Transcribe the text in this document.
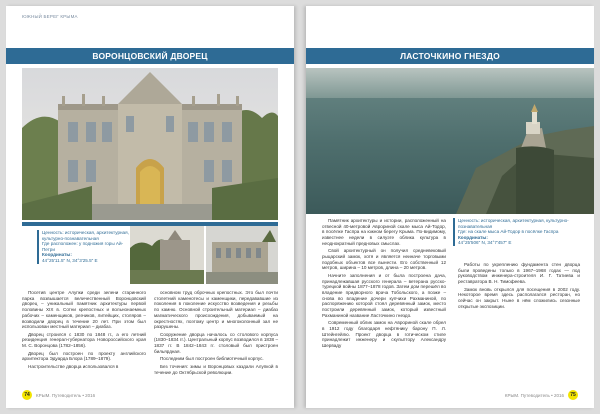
ЮЖНЫЙ БЕРЕГ КРЫМА
ВОРОНЦОВСКИЙ ДВОРЕЦ
Ценность: историческая, архитектурная, культурно-познавательная
Где расположен: у подножия горы Ай-Петри
Координаты:
44°25'11.5" N, 34°3'25.5" E

Посетив центре Алупки среди зелени старинного парка возвышается величественный Воронцовский дворец – уникальный памятник архитектуры первой половины XIX в. Сотни крепостных и вольнонаемных рабочих – каменщиков, резчиков, литейщих, столяров – возводили дворец в течение 20 лет. При этом был использован местный материал – диабаз.

Дворец строился с 1830 по 1848 гг., а его летний резиденция генерал-губернатора Новороссийского края М. С. Воронцова (1782–1856).

Дворец был построен по проекту английского архитектора Эдуарда Блора (1789–1879).

Настроительстве дворца использовался в

основном труд оброчных крепостных. Это был почти столетний каменотесы и каменщики, передававшие из поколения в поколение искусство возведения и резьбы по камню. Основной строительный материал – диабаз магматического происхождения, добываемый на окрестностях, поэтому центр и многоколонный зал не разрушены.

Сооружение дворца началось со столового корпуса (1830–1834 гг.). Центральный корпус возводился в 1838 – 1837 гг. В 1842–1843 гг. столовый был пристроен бильярдная.

Последним был построен библиотечный корпус.

Без точения: зимы и Воронцовых каздали Алупкой в течение до Октябрьской революции.

74	КРЫМ. Путеводитель • 2016
ЛАСТОЧКИНО ГНЕЗДО

Памятник архитектуры и истории, расположенный на отвесной 40-метровой Аврориной скале мыса Ай-Тодор, в посёлке Гаспра на южном берегу Крыма. По-видимому, известнее недели в силуэте облика культура в неоднократный предновых смыслах.

Свой архитектурный он получил средневековый рыцарский замок, хотя и является неиначе торговыми подобных объектов все вынести. Его собственный 12 метров, ширина – 10 метров, длина – 20 метров.

Начните заполнения и от была построена дача, принадлежавшая русского генерала – ветерана русско-турецкой войны 1877–1878 годов. Затем дом перешёл во владение придворного врача Тобольского, а позже – снова во владение дочери купчихи Рахманиной, по распоряжению которой стоял деревянный замок, место построили деревянный замок, который известный Рахманиной название Ласточкино гнездо.

Современный облик замок на Аврориной скале обрел в 1912 году благодаря нефтянику барону П. Л. Штейнгейлю. Проект дворца в готическом стиле принадлежит инженеру и скульптору Александру Шерваду

Ценность: историческая, архитектурная, культурно-познавательная
Где: на скале мыса Ай-Тодор в посёлке Гаспра
Координаты:
44°25'506" N, 34°7'457" E

Работы по укреплению фундамента стен дворца были проведены только в 1967–1968 годах — под руководством инженера-строителя И. Г. Татиева и реставратора В. Н. Тимофеева.

Замок вновь открылся для посещения в 2002 году. Некоторое время здесь располагался ресторан, но сейчас он закрыт. Ныне в нём сложились сезонные открытые экспозиции.

КРЫМ. Путеводитель • 2016	75
